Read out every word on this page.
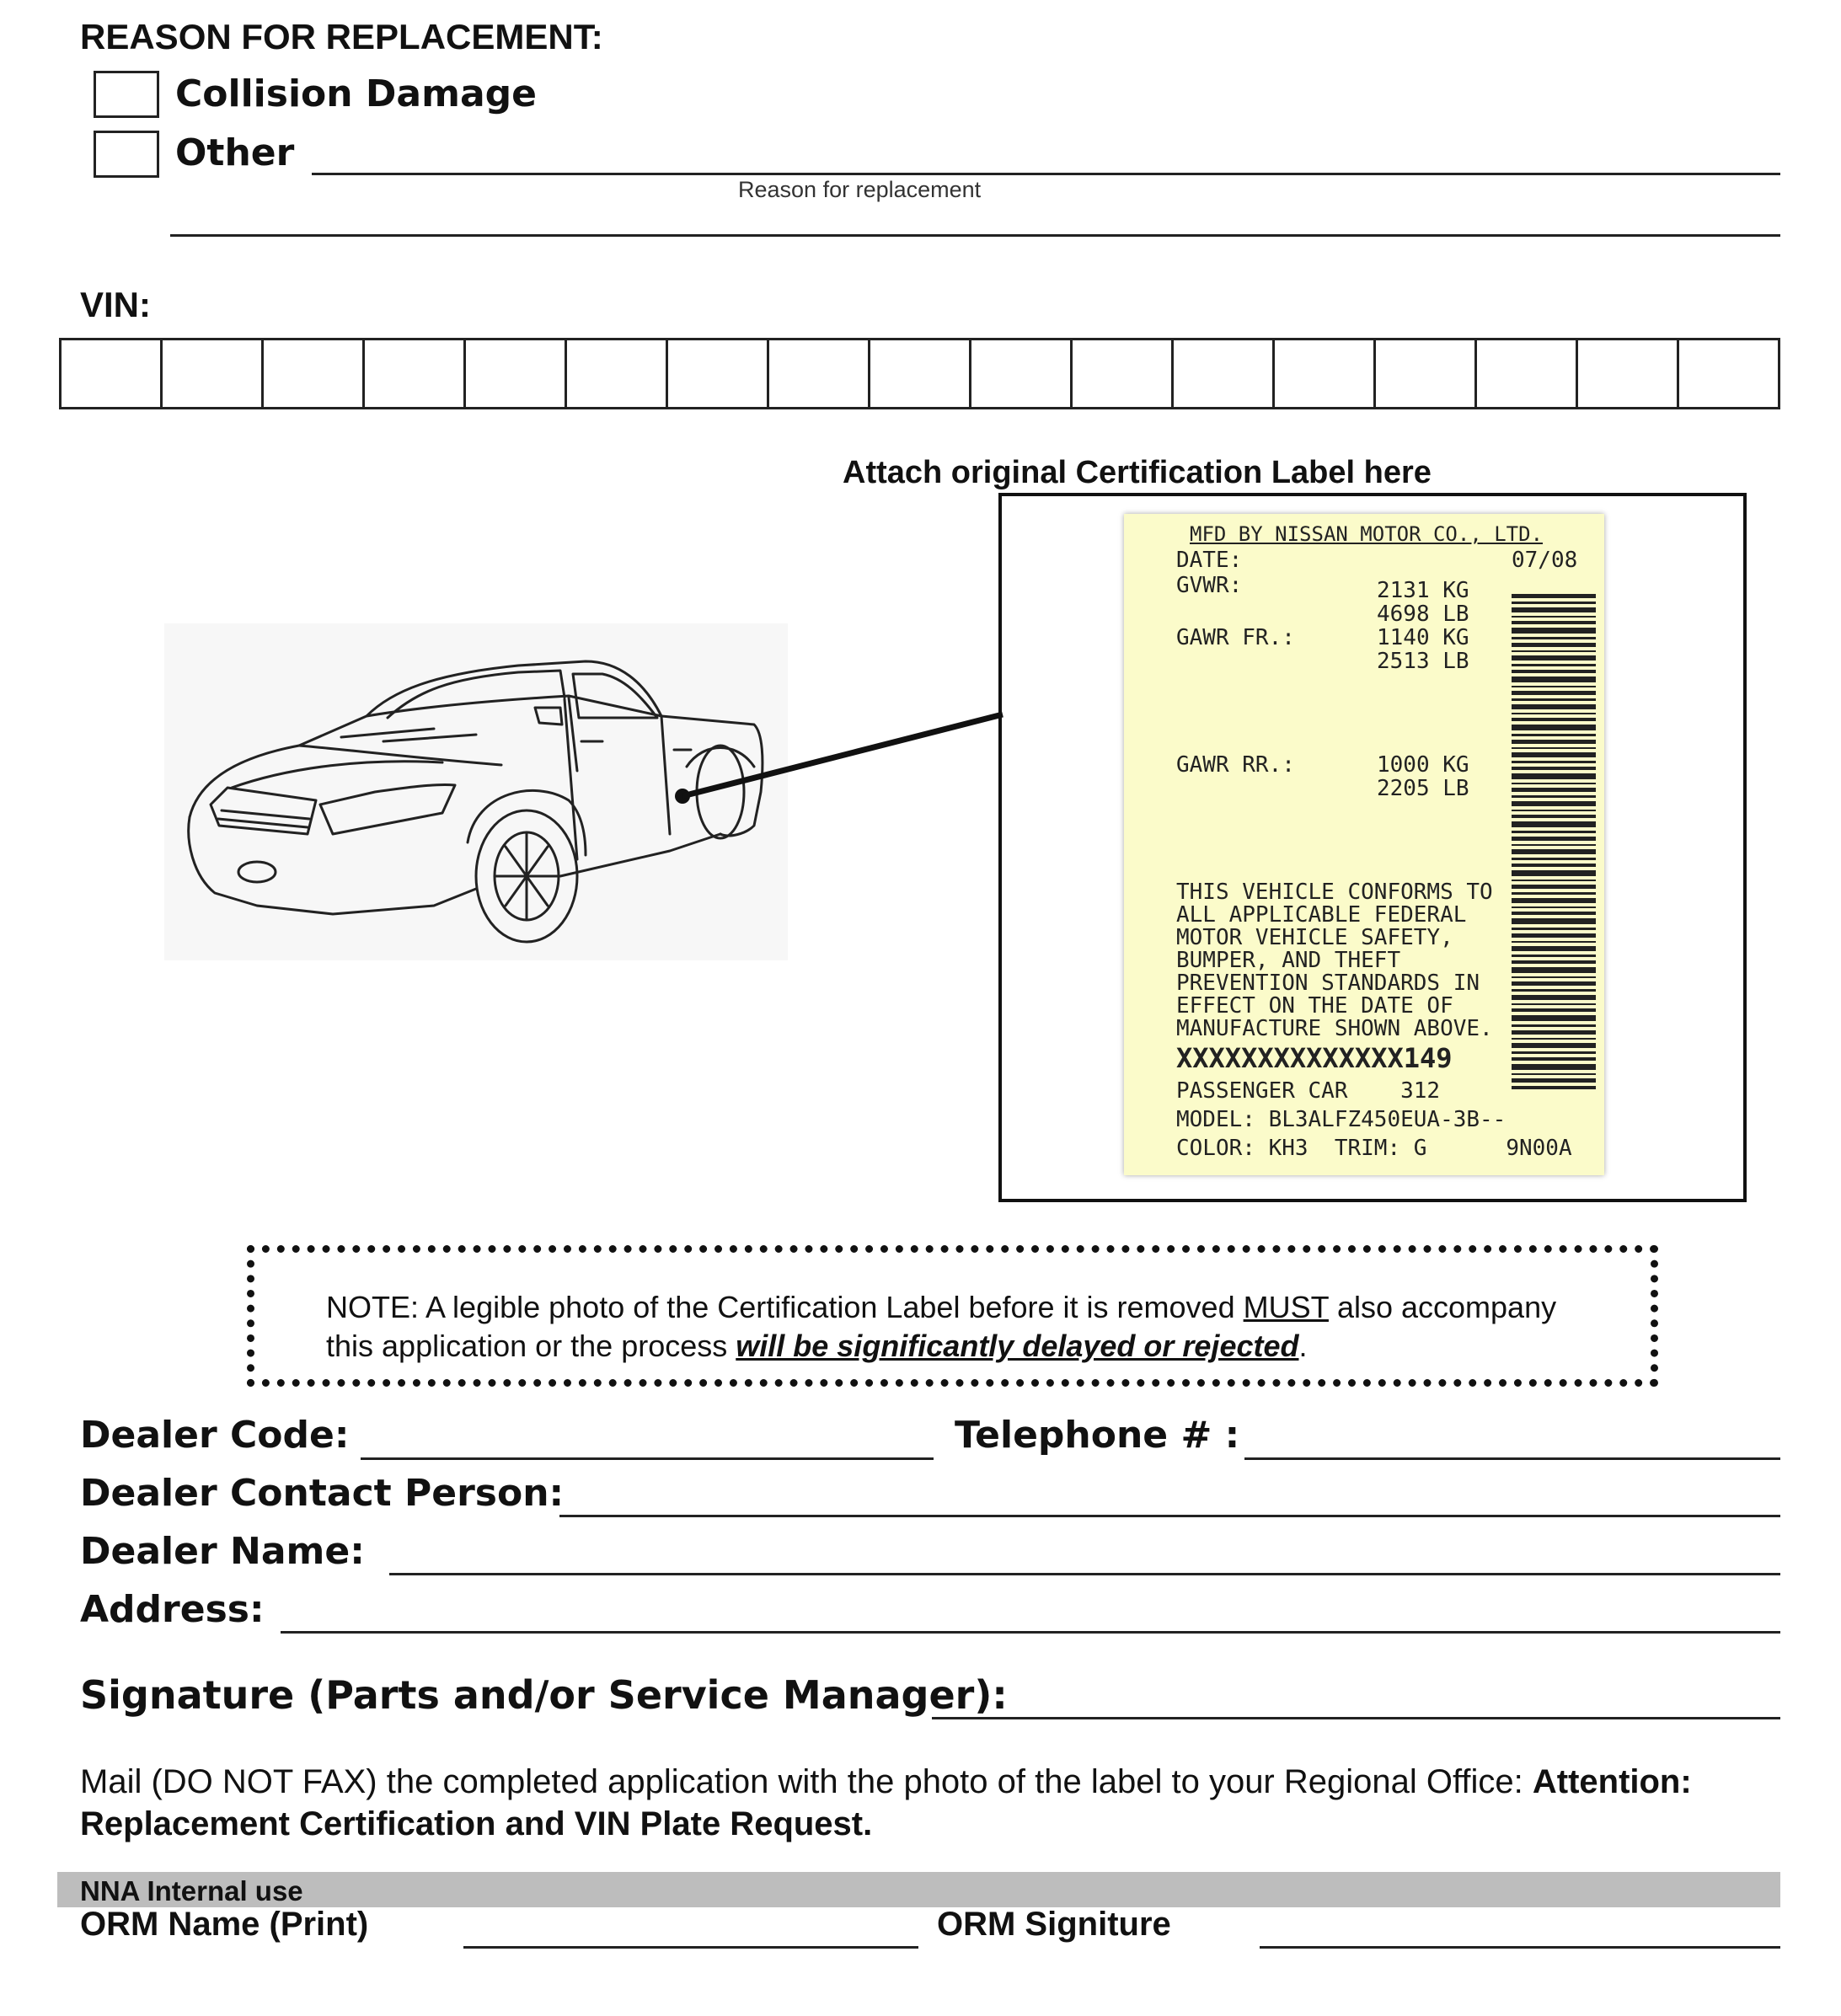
REASON FOR REPLACEMENT:
Collision Damage
Other
Reason for replacement
VIN:
Attach original Certification Label here
MFD BY NISSAN MOTOR CO., LTD.
DATE:	07/08
GVWR:	2131 KG
4698 LB
GAWR FR.:	1140 KG
2513 LB
GAWR RR.:	1000 KG
2205 LB
THIS VEHICLE CONFORMS TO
ALL APPLICABLE FEDERAL
MOTOR VEHICLE SAFETY,
BUMPER, AND THEFT
PREVENTION STANDARDS IN
EFFECT ON THE DATE OF
MANUFACTURE SHOWN ABOVE.
XXXXXXXXXXXXXX149
PASSENGER CAR    312
MODEL: BL3ALFZ450EUA-3B--
COLOR: KH3  TRIM: G      9N00A
NOTE: A legible photo of the Certification Label before it is removed MUST also accompany this application or the process will be significantly delayed or rejected.
Dealer Code:	Telephone # :
Dealer Contact Person:
Dealer Name:
Address:
Signature (Parts and/or Service Manager):
Mail (DO NOT FAX) the completed application with the photo of the label to your Regional Office: Attention:
Replacement Certification and VIN Plate Request.
NNA Internal use
ORM Name (Print)	ORM Signiture
